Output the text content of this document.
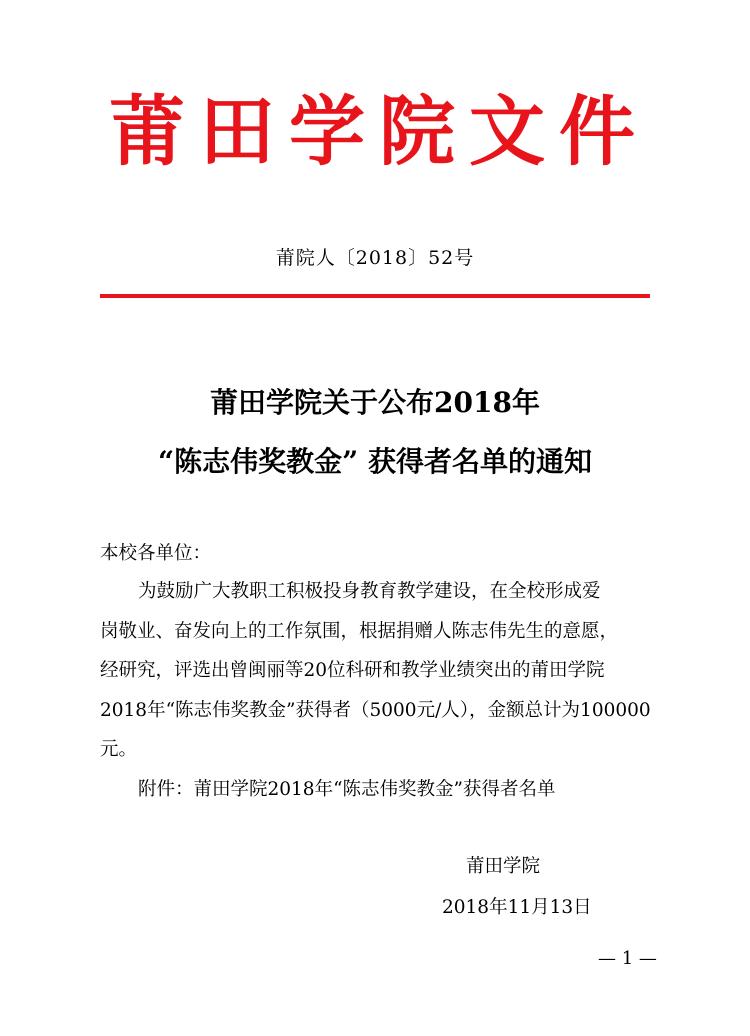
莆田学院文件
莆院人〔2018〕52号
莆田学院关于公布2018年
“陈志伟奖教金” 获得者名单的通知
本校各单位：
为鼓励广大教职工积极投身教育教学建设，在全校形成爱
岗敬业、奋发向上的工作氛围，根据捐赠人陈志伟先生的意愿，
经研究，评选出曾闽丽等20位科研和教学业绩突出的莆田学院
2018年“陈志伟奖教金”获得者（5000元/人），金额总计为100000
元。
附件：莆田学院2018年“陈志伟奖教金”获得者名单
莆田学院
2018年11月13日
— 1 —
